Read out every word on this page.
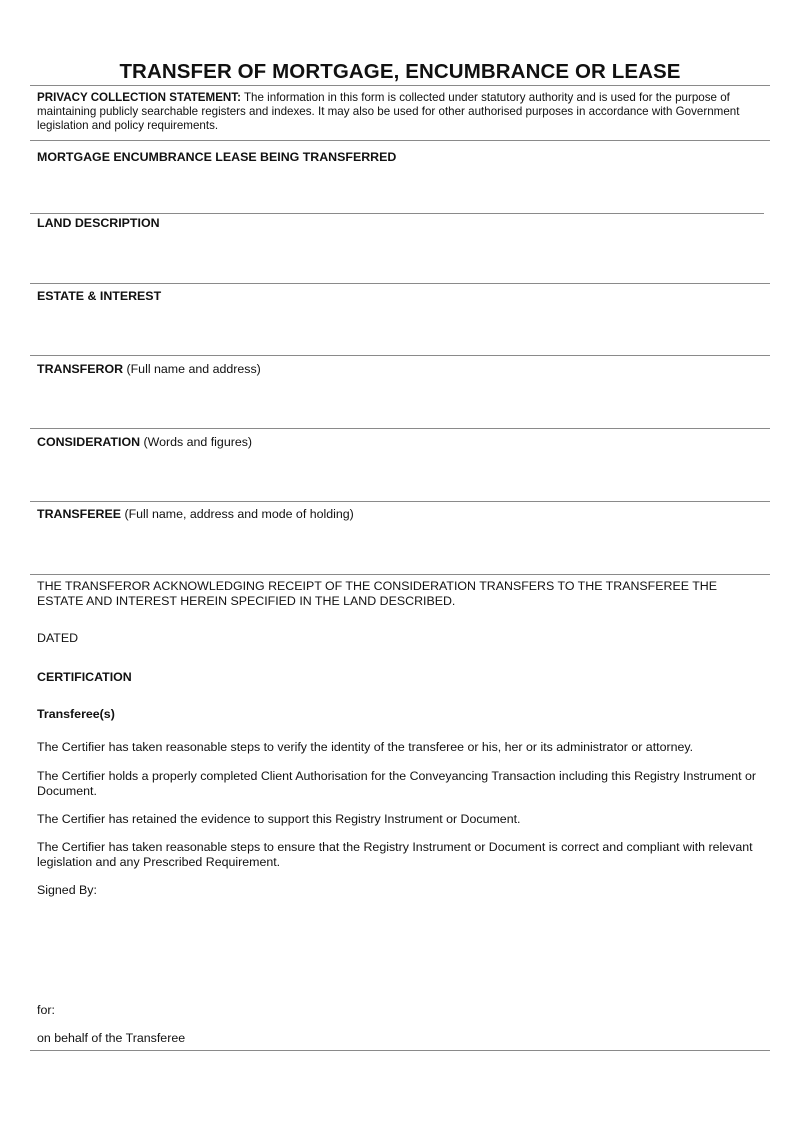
TRANSFER OF MORTGAGE, ENCUMBRANCE OR LEASE
PRIVACY COLLECTION STATEMENT: The information in this form is collected under statutory authority and is used for the purpose of maintaining publicly searchable registers and indexes. It may also be used for other authorised purposes in accordance with Government legislation and policy requirements.
MORTGAGE ENCUMBRANCE LEASE BEING TRANSFERRED
LAND DESCRIPTION
ESTATE & INTEREST
TRANSFEROR (Full name and address)
CONSIDERATION (Words and figures)
TRANSFEREE (Full name, address and mode of holding)
THE TRANSFEROR ACKNOWLEDGING RECEIPT OF THE CONSIDERATION TRANSFERS TO THE TRANSFEREE THE ESTATE AND INTEREST HEREIN SPECIFIED IN THE LAND DESCRIBED.
DATED
CERTIFICATION
Transferee(s)
The Certifier has taken reasonable steps to verify the identity of the transferee or his, her or its administrator or attorney.
The Certifier holds a properly completed Client Authorisation for the Conveyancing Transaction including this Registry Instrument or Document.
The Certifier has retained the evidence to support this Registry Instrument or Document.
The Certifier has taken reasonable steps to ensure that the Registry Instrument or Document is correct and compliant with relevant legislation and any Prescribed Requirement.
Signed By:
for:
on behalf of the Transferee
